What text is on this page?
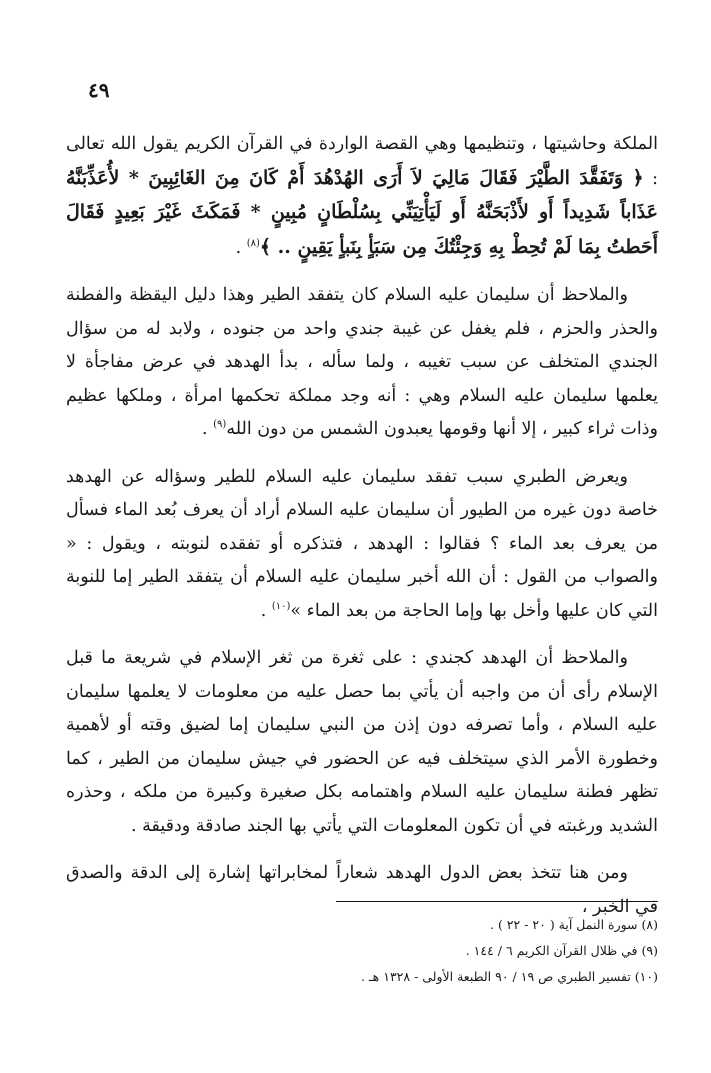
٤٩

الملكة وحاشيتها ، وتنظيمها وهي القصة الواردة في القرآن الكريم يقول الله تعالى : ﴿ وَتَفَقَّدَ الطَّيْرَ فَقَالَ مَالِيَ لاَ أَرَى الهُدْهُدَ أَمْ كَانَ مِنَ الغَائِبِينَ * لأُعَذِّبَنَّهُ عَذَاباً شَدِيداً أَو لأَذْبَحَنَّهُ أَو لَيَأْتِيَنِّي بِسُلْطَانٍ مُبِينٍ * فَمَكَثَ غَيْرَ بَعِيدٍ فَقَالَ أَحَطتُ بِمَا لَمْ تُحِطْ بِهِ وَجِئْتُكَ مِن سَبَأٍ بِنَبأٍ يَقِينٍ .. ﴾$^{(٨)}$ .

والملاحظ أن سليمان عليه السلام كان يتفقد الطير وهذا دليل اليقظة والفطنة والحذر والحزم ، فلم يغفل عن غيبة جندي واحد من جنوده ، ولابد له من سؤال الجندي المتخلف عن سبب تغيبه ، ولما سأله ، بدأ الهدهد في عرض مفاجأة لا يعلمها سليمان عليه السلام وهي : أنه وجد مملكة تحكمها امرأة ، وملكها عظيم وذات ثراء كبير ، إلا أنها وقومها يعبدون الشمس من دون الله$^{(٩)}$ .

ويعرض الطبري سبب تفقد سليمان عليه السلام للطير وسؤاله عن الهدهد خاصة دون غيره من الطيور أن سليمان عليه السلام أراد أن يعرف بُعد الماء فسأل من يعرف بعد الماء ؟ فقالوا : الهدهد ، فتذكره أو تفقده لنوبته ، ويقول : « والصواب من القول : أن الله أخبر سليمان عليه السلام أن يتفقد الطير إما للنوبة التي كان عليها وأخل بها وإما الحاجة من بعد الماء »$^{(١٠)}$ .

والملاحظ أن الهدهد كجندي : على ثغرة من ثغر الإسلام في شريعة ما قبل الإسلام رأى أن من واجبه أن يأتي بما حصل عليه من معلومات لا يعلمها سليمان عليه السلام ، وأما تصرفه دون إذن من النبي سليمان إما لضيق وقته أو لأهمية وخطورة الأمر الذي سيتخلف فيه عن الحضور في جيش سليمان من الطير ، كما تظهر فطنة سليمان عليه السلام واهتمامه بكل صغيرة وكبيرة من ملكه ، وحذره الشديد ورغبته في أن تكون المعلومات التي يأتي بها الجند صادقة ودقيقة .

ومن هنا تتخذ بعض الدول الهدهد شعاراً لمخابراتها إشارة إلى الدقة والصدق في الخبر ،

(٨) سورة النمل آية ( ٢٠ - ٢٢ ) .

(٩) في ظلال القرآن الكريم ٦ / ١٤٤ .

(١٠) تفسير الطبري ص ١٩ / ٩٠ الطبعة الأولى - ١٣٢٨ هـ .
